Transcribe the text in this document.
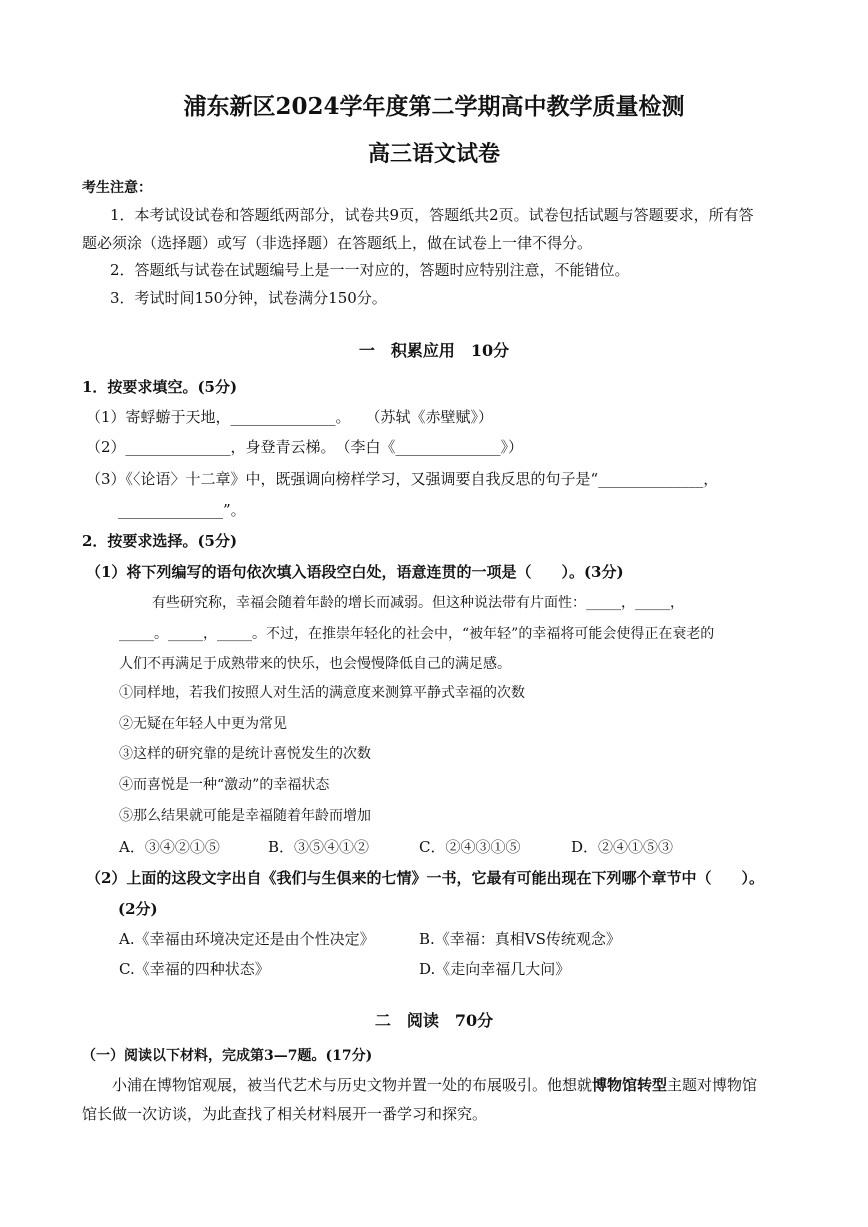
浦东新区2024学年度第二学期高中教学质量检测
高三语文试卷
考生注意：
1．本考试设试卷和答题纸两部分，试卷共9页，答题纸共2页。试卷包括试题与答题要求，所有答
题必须涂（选择题）或写（非选择题）在答题纸上，做在试卷上一律不得分。
2．答题纸与试卷在试题编号上是一一对应的，答题时应特别注意，不能错位。
3．考试时间150分钟，试卷满分150分。
一　积累应用　10分
1．按要求填空。(5分)
（1）寄蜉蝣于天地，______________。　　（苏轼《赤壁赋》）
（2）______________，身登青云梯。　（李白《______________》）
（3）《〈论语〉十二章》中，既强调向榜样学习，又强调要自我反思的句子是“______________，
______________”。
2．按要求选择。(5分)
（1）将下列编写的语句依次填入语段空白处，语意连贯的一项是（　　）。(3分)
有些研究称，幸福会随着年龄的增长而减弱。但这种说法带有片面性：_____，_____，
_____。_____，_____。不过，在推崇年轻化的社会中，“被年轻”的幸福将可能会使得正在衰老的
人们不再满足于成熟带来的快乐，也会慢慢降低自己的满足感。
①同样地，若我们按照人对生活的满意度来测算平静式幸福的次数
②无疑在年轻人中更为常见
③这样的研究靠的是统计喜悦发生的次数
④而喜悦是一种“激动”的幸福状态
⑤那么结果就可能是幸福随着年龄而增加
A．③④②①⑤	B．③⑤④①②	C．②④③①⑤	D．②④①⑤③
（2）上面的这段文字出自《我们与生俱来的七情》一书，它最有可能出现在下列哪个章节中（　　）。
(2分)
A.《幸福由环境决定还是由个性决定》	B.《幸福：真相VS传统观念》
C.《幸福的四种状态》	D.《走向幸福几大问》
二　阅读　70分
（一）阅读以下材料，完成第3—7题。(17分)
小浦在博物馆观展，被当代艺术与历史文物并置一处的布展吸引。他想就博物馆转型主题对博物馆
馆长做一次访谈，为此查找了相关材料展开一番学习和探究。
